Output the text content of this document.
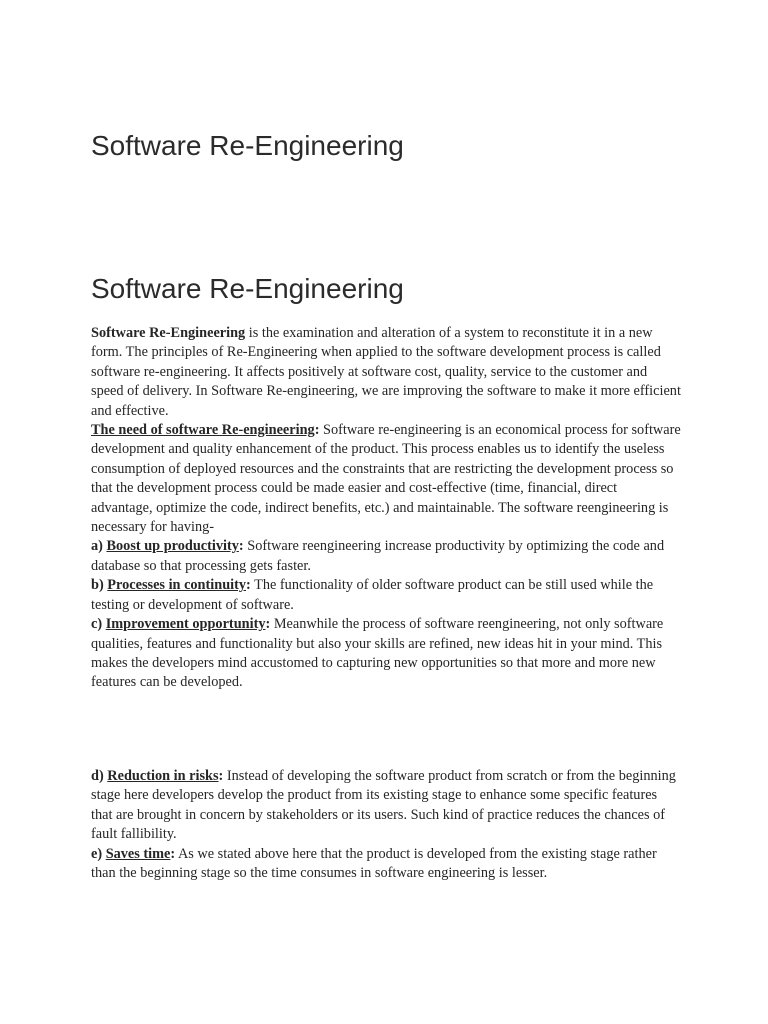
Software Re-Engineering
Software Re-Engineering

Software Re-Engineering is the examination and alteration of a system to reconstitute it in a new form. The principles of Re-Engineering when applied to the software development process is called software re-engineering. It affects positively at software cost, quality, service to the customer and speed of delivery. In Software Re-engineering, we are improving the software to make it more efficient and effective.

The need of software Re-engineering: Software re-engineering is an economical process for software development and quality enhancement of the product. This process enables us to identify the useless consumption of deployed resources and the constraints that are restricting the development process so that the development process could be made easier and cost-effective (time, financial, direct advantage, optimize the code, indirect benefits, etc.) and maintainable. The software reengineering is necessary for having-

a) Boost up productivity: Software reengineering increase productivity by optimizing the code and database so that processing gets faster.

b) Processes in continuity: The functionality of older software product can be still used while the testing or development of software.

c) Improvement opportunity: Meanwhile the process of software reengineering, not only software qualities, features and functionality but also your skills are refined, new ideas hit in your mind. This makes the developers mind accustomed to capturing new opportunities so that more and more new features can be developed.

d) Reduction in risks: Instead of developing the software product from scratch or from the beginning stage here developers develop the product from its existing stage to enhance some specific features that are brought in concern by stakeholders or its users. Such kind of practice reduces the chances of fault fallibility.

e) Saves time: As we stated above here that the product is developed from the existing stage rather than the beginning stage so the time consumes in software engineering is lesser.
